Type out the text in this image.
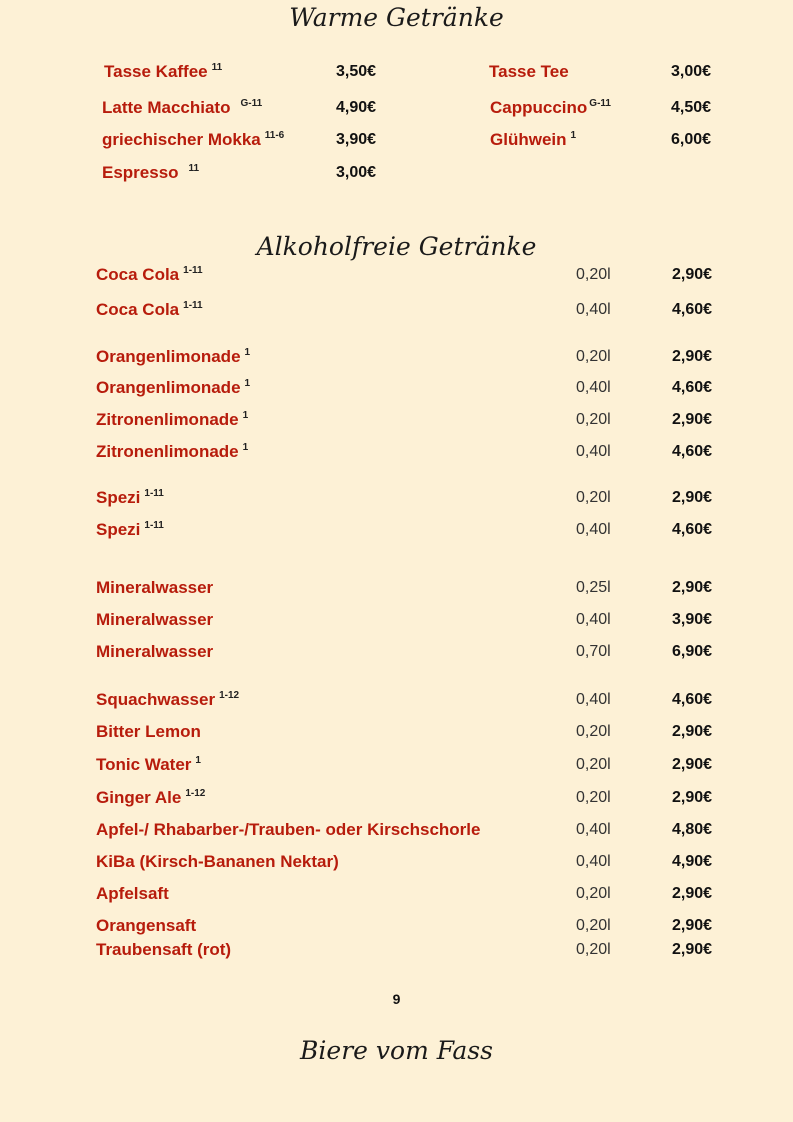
Warme Getränke
Tasse Kaffee $^{11}$	3,50€	Tasse Tee	3,00€
Latte Macchiato $^{G-11}$	4,90€	Cappuccino $^{G-11}$	4,50€
griechischer Mokka $^{11-6}$	3,90€	Glühwein $^1$	6,00€
Espresso $^{11}$	3,00€
Alkoholfreie Getränke
Coca Cola $^{1-11}$	0,20l	2,90€
Coca Cola $^{1-11}$	0,40l	4,60€
Orangenlimonade $^1$	0,20l	2,90€
Orangenlimonade $^1$	0,40l	4,60€
Zitronenlimonade $^1$	0,20l	2,90€
Zitronenlimonade $^1$	0,40l	4,60€
Spezi $^{1-11}$	0,20l	2,90€
Spezi $^{1-11}$	0,40l	4,60€
Mineralwasser	0,25l	2,90€
Mineralwasser	0,40l	3,90€
Mineralwasser	0,70l	6,90€
Squachwasser $^{1-12}$	0,40l	4,60€
Bitter Lemon	0,20l	2,90€
Tonic Water $^1$	0,20l	2,90€
Ginger Ale $^{1-12}$	0,20l	2,90€
Apfel-/ Rhabarber-/Trauben- oder Kirschschorle	0,40l	4,80€
KiBa (Kirsch-Bananen Nektar)	0,40l	4,90€
Apfelsaft	0,20l	2,90€
Orangensaft	0,20l	2,90€
Traubensaft (rot)	0,20l	2,90€
9
Biere vom Fass
